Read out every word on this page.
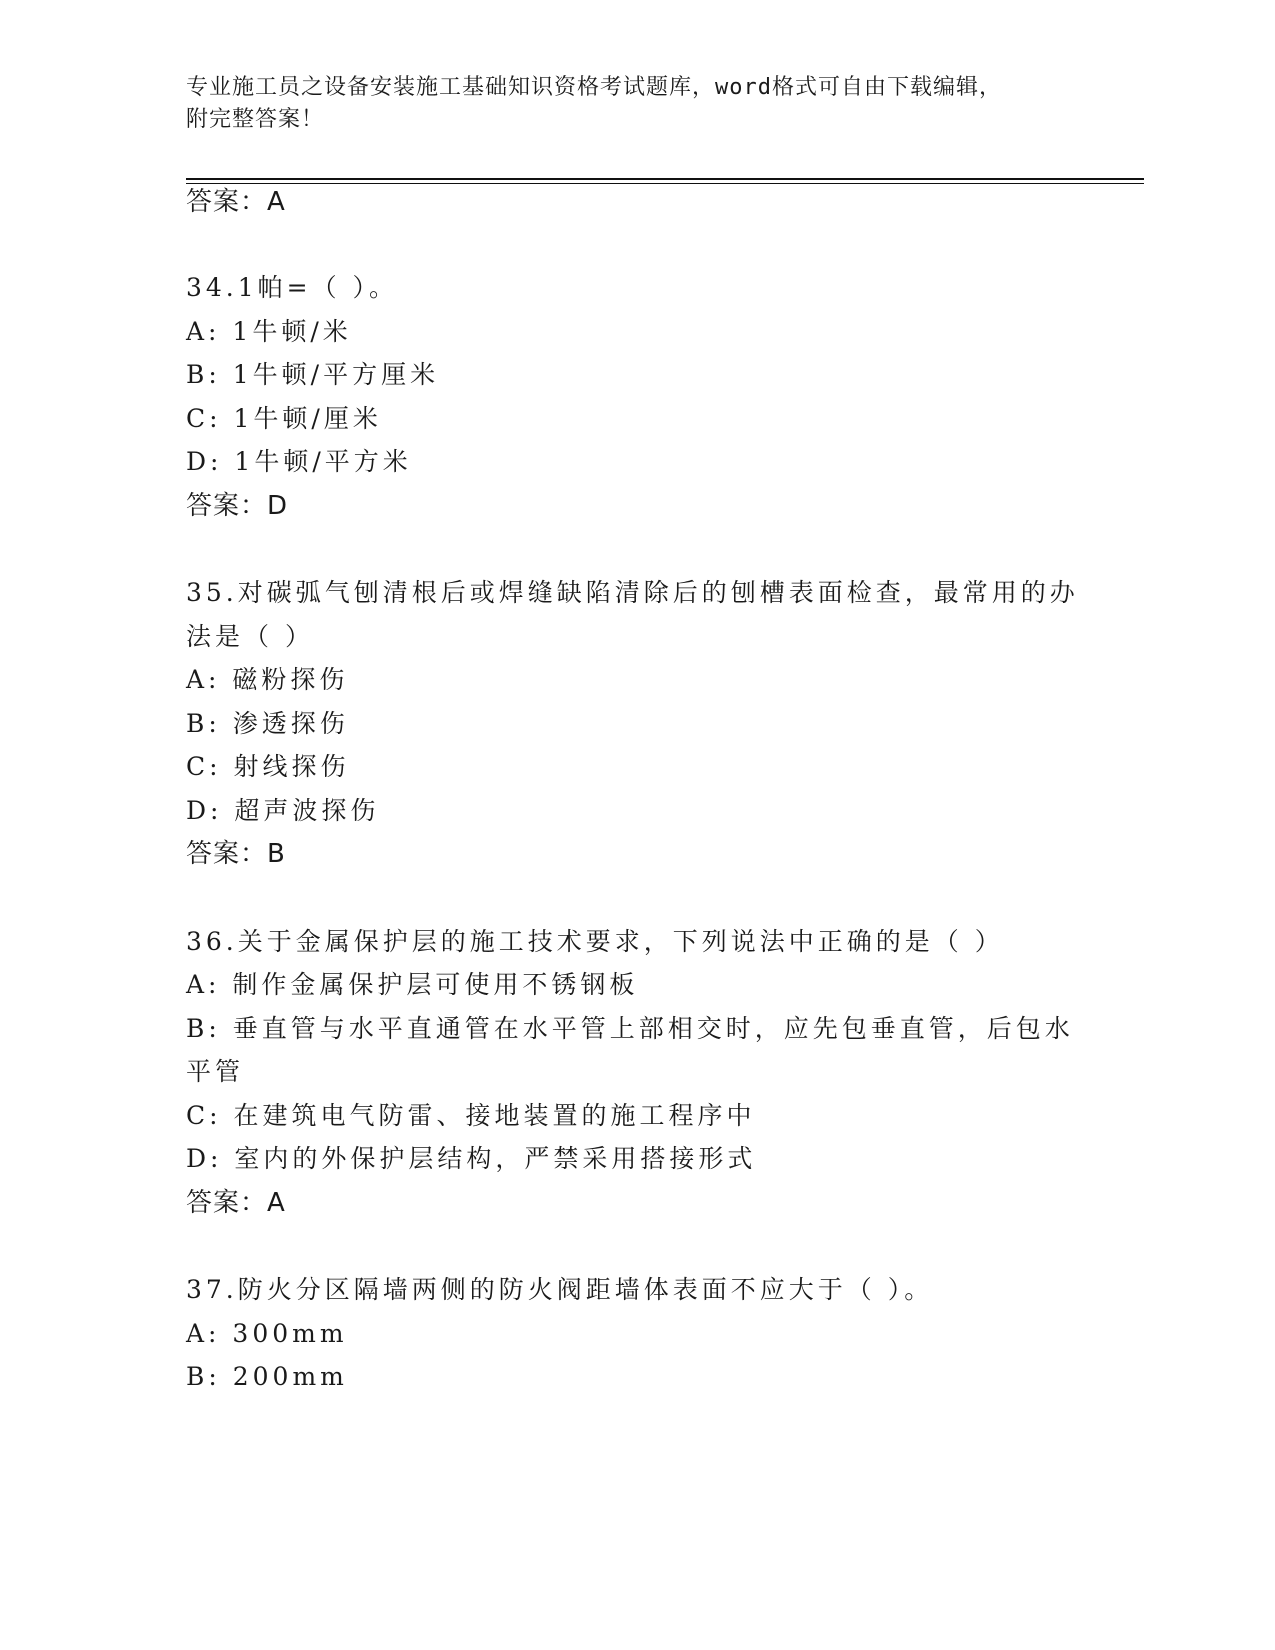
专业施工员之设备安装施工基础知识资格考试题库，word格式可自由下载编辑，
附完整答案！
答案：A
34.1帕=（ ）。
A: 1牛顿/米
B: 1牛顿/平方厘米
C: 1牛顿/厘米
D: 1牛顿/平方米
答案：D
35.对碳弧气刨清根后或焊缝缺陷清除后的刨槽表面检查，最常用的办
法是（ ）
A: 磁粉探伤
B: 渗透探伤
C: 射线探伤
D: 超声波探伤
答案：B
36.关于金属保护层的施工技术要求，下列说法中正确的是（ ）
A: 制作金属保护层可使用不锈钢板
B: 垂直管与水平直通管在水平管上部相交时，应先包垂直管，后包水
平管
C: 在建筑电气防雷、接地装置的施工程序中
D: 室内的外保护层结构，严禁采用搭接形式
答案：A
37.防火分区隔墙两侧的防火阀距墙体表面不应大于（ ）。
A: 300mm
B: 200mm
